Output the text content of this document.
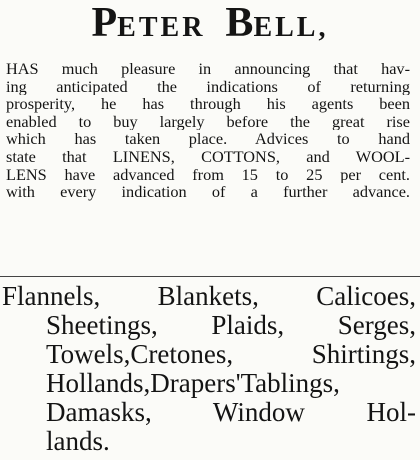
PETER BELL,
HAS much pleasure in announcing that hav-
ing anticipated the indications of returning
prosperity, he has through his agents been
enabled to buy largely before the great rise
which has taken place. Advices to hand
state that LINENS, COTTONS, and WOOL-
LENS have advanced from 15 to 25 per cent.
with every indication of a further advance.
Flannels, Blankets, Calicoes,
Sheetings, Plaids, Serges,
Towels,Cretones, Shirtings,
Hollands,Drapers'Tablings,
Damasks, Window Hol-
lands.
